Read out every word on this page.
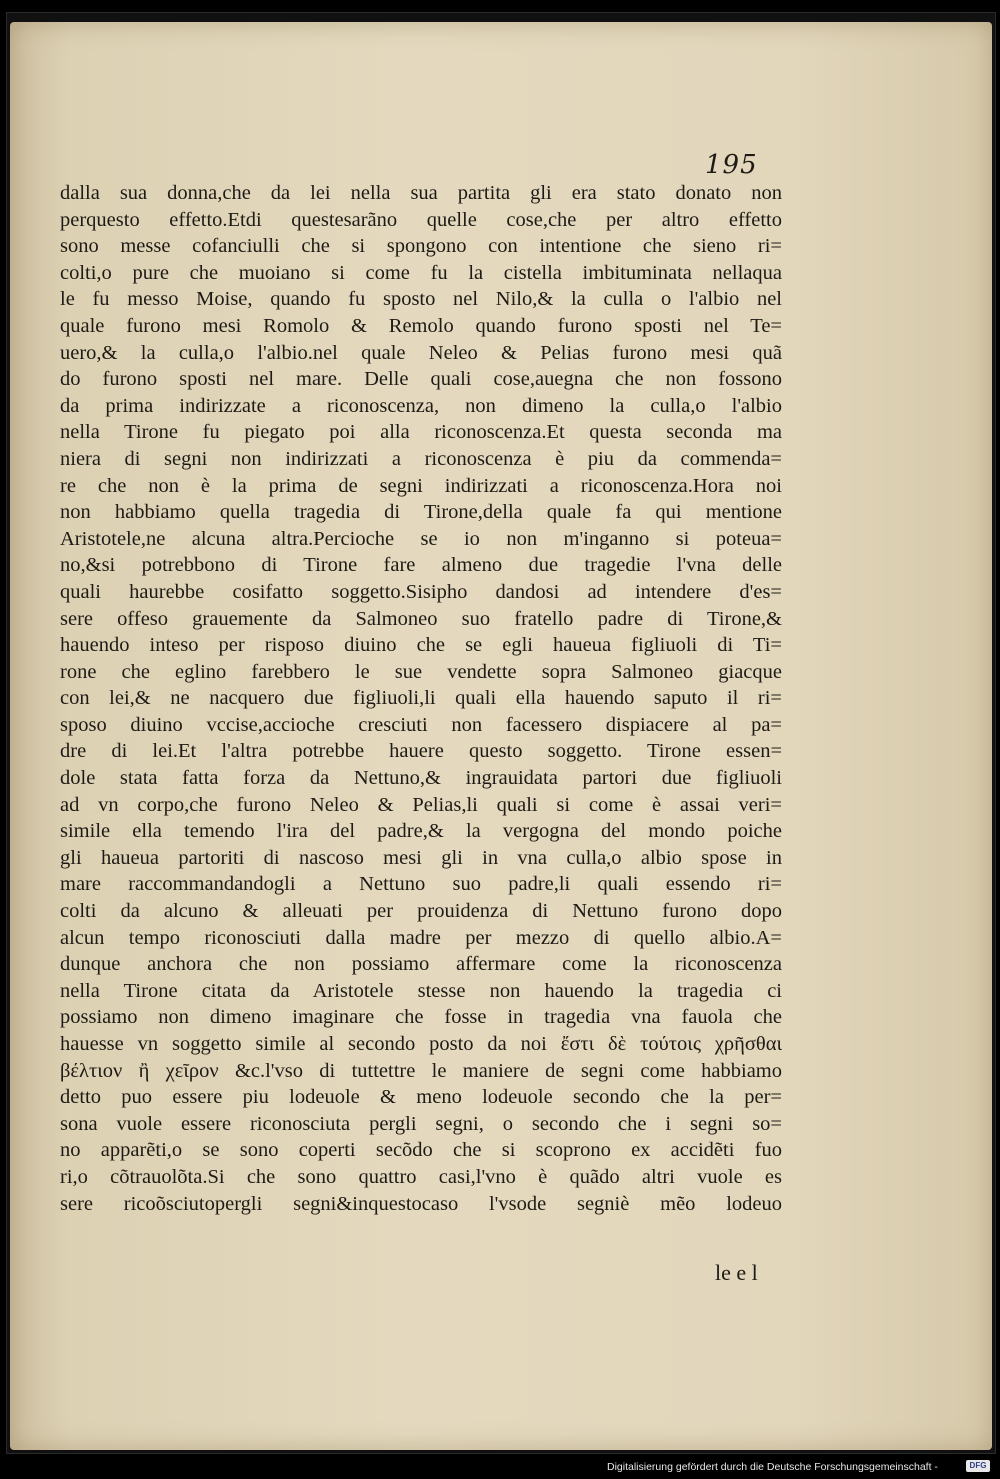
195

dalla sua donna,che da lei nella sua partita gli era stato donato non

perquesto effetto.Etdi questesarãno quelle cose,che per altro effetto

sono messe cofanciulli che si spongono con intentione che sieno ri=

colti,o pure che muoiano si come fu la cistella imbituminata nellaqua

le fu messo Moise, quando fu sposto nel Nilo,& la culla o l'albio nel

quale furono mesi Romolo & Remolo quando furono sposti nel Te=

uero,& la culla,o l'albio.nel quale Neleo & Pelias furono mesi quã

do furono sposti nel mare. Delle quali cose,auegna che non fossono

da prima indirizzate a riconoscenza, non dimeno la culla,o l'albio

nella Tirone fu piegato poi alla riconoscenza.Et questa seconda ma

niera di segni non indirizzati a riconoscenza è piu da commenda=

re che non è la prima de segni indirizzati a riconoscenza.Hora noi

non habbiamo quella tragedia di Tirone,della quale fa qui mentione

Aristotele,ne alcuna altra.Percioche se io non m'inganno si poteua=

no,&si potrebbono di Tirone fare almeno due tragedie l'vna delle

quali haurebbe cosifatto soggetto.Sisipho dandosi ad intendere d'es=

sere offeso grauemente da Salmoneo suo fratello padre di Tirone,&

hauendo inteso per risposo diuino che se egli haueua figliuoli di Ti=

rone che eglino farebbero le sue vendette sopra Salmoneo giacque

con lei,& ne nacquero due figliuoli,li quali ella hauendo saputo il ri=

sposo diuino vccise,accioche cresciuti non facessero dispiacere al pa=

dre di lei.Et l'altra potrebbe hauere questo soggetto. Tirone essen=

dole stata fatta forza da Nettuno,& ingrauidata partori due figliuoli

ad vn corpo,che furono Neleo & Pelias,li quali si come è assai veri=

simile ella temendo l'ira del padre,& la vergogna del mondo poiche

gli haueua partoriti di nascoso mesi gli in vna culla,o albio spose in

mare raccommandandogli a Nettuno suo padre,li quali essendo ri=

colti da alcuno & alleuati per prouidenza di Nettuno furono dopo

alcun tempo riconosciuti dalla madre per mezzo di quello albio.A=

dunque anchora che non possiamo affermare come la riconoscenza

nella Tirone citata da Aristotele stesse non hauendo la tragedia ci

possiamo non dimeno imaginare che fosse in tragedia vna fauola che

hauesse vn soggetto simile al secondo posto da noi ἔστι δὲ τούτοις χρῆσθαι

βέλτιον ἢ χεῖρον &c.l'vso di tuttettre le maniere de segni come habbiamo

detto puo essere piu lodeuole & meno lodeuole secondo che la per=

sona vuole essere riconosciuta pergli segni, o secondo che i segni so=

no apparẽti,o se sono coperti secõdo che si scoprono ex accidẽti fuo

ri,o cõtrauolõta.Si che sono quattro casi,l'vno è quãdo altri vuole es

sere ricoõsciutopergli segni&inquestocaso l'vsode segniè mẽo lodeuo

le e l

Digitalisierung gefördert durch die Deutsche Forschungsgemeinschaft -	DFG
